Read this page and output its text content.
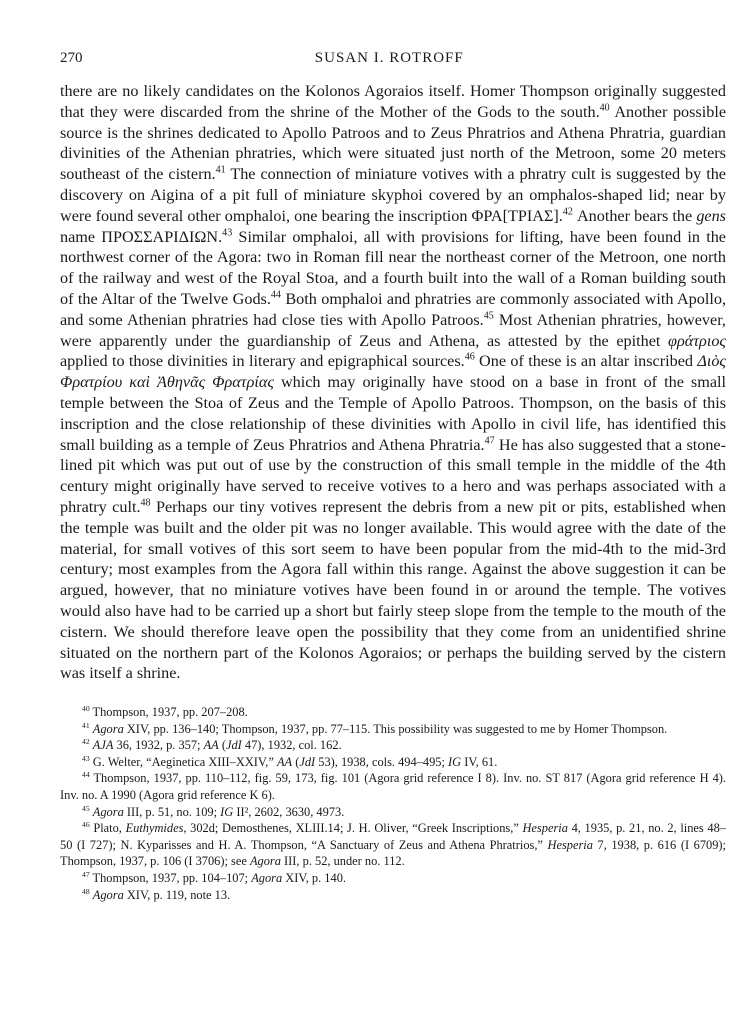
270	SUSAN I. ROTROFF

there are no likely candidates on the Kolonos Agoraios itself. Homer Thompson originally suggested that they were discarded from the shrine of the Mother of the Gods to the south.$^{40}$ Another possible source is the shrines dedicated to Apollo Patroos and to Zeus Phratrios and Athena Phratria, guardian divinities of the Athenian phratries, which were situated just north of the Metroon, some 20 meters southeast of the cistern.$^{41}$ The connection of miniature votives with a phratry cult is suggested by the discovery on Aigina of a pit full of miniature skyphoi covered by an omphalos-shaped lid; near by were found several other omphaloi, one bearing the inscription ΦΡΑ[ΤΡΙΑΣ].$^{42}$ Another bears the gens name ΠΡΟΣΣΑΡΙΔΙΩΝ.$^{43}$ Similar omphaloi, all with provisions for lifting, have been found in the northwest corner of the Agora: two in Roman fill near the northeast corner of the Metroon, one north of the railway and west of the Royal Stoa, and a fourth built into the wall of a Roman building south of the Altar of the Twelve Gods.$^{44}$ Both omphaloi and phratries are commonly associated with Apollo, and some Athenian phratries had close ties with Apollo Patroos.$^{45}$ Most Athenian phratries, however, were apparently under the guardianship of Zeus and Athena, as attested by the epithet φράτριος applied to those divinities in literary and epigraphical sources.$^{46}$ One of these is an altar inscribed Διὸς Φρατρίου καὶ Ἀθηνᾶς Φρατρίας which may originally have stood on a base in front of the small temple between the Stoa of Zeus and the Temple of Apollo Patroos. Thompson, on the basis of this inscription and the close relationship of these divinities with Apollo in civil life, has identified this small building as a temple of Zeus Phratrios and Athena Phratria.$^{47}$ He has also suggested that a stone-lined pit which was put out of use by the construction of this small temple in the middle of the 4th century might originally have served to receive votives to a hero and was perhaps associated with a phratry cult.$^{48}$ Perhaps our tiny votives represent the debris from a new pit or pits, established when the temple was built and the older pit was no longer available. This would agree with the date of the material, for small votives of this sort seem to have been popular from the mid-4th to the mid-3rd century; most examples from the Agora fall within this range. Against the above suggestion it can be argued, however, that no miniature votives have been found in or around the temple. The votives would also have had to be carried up a short but fairly steep slope from the temple to the mouth of the cistern. We should therefore leave open the possibility that they come from an unidentified shrine situated on the northern part of the Kolonos Agoraios; or perhaps the building served by the cistern was itself a shrine.

$^{40}$ Thompson, 1937, pp. 207–208.

$^{41}$ Agora XIV, pp. 136–140; Thompson, 1937, pp. 77–115. This possibility was suggested to me by Homer Thompson.

$^{42}$ AJA 36, 1932, p. 357; AA (JdI 47), 1932, col. 162.

$^{43}$ G. Welter, “Aeginetica XIII–XXIV,” AA (JdI 53), 1938, cols. 494–495; IG IV, 61.

$^{44}$ Thompson, 1937, pp. 110–112, fig. 59, 173, fig. 101 (Agora grid reference I 8). Inv. no. ST 817 (Agora grid reference H 4). Inv. no. A 1990 (Agora grid reference K 6).

$^{45}$ Agora III, p. 51, no. 109; IG II², 2602, 3630, 4973.

$^{46}$ Plato, Euthymides, 302d; Demosthenes, XLIII.14; J. H. Oliver, “Greek Inscriptions,” Hesperia 4, 1935, p. 21, no. 2, lines 48–50 (I 727); N. Kyparisses and H. A. Thompson, “A Sanctuary of Zeus and Athena Phratrios,” Hesperia 7, 1938, p. 616 (I 6709); Thompson, 1937, p. 106 (I 3706); see Agora III, p. 52, under no. 112.

$^{47}$ Thompson, 1937, pp. 104–107; Agora XIV, p. 140.

$^{48}$ Agora XIV, p. 119, note 13.
